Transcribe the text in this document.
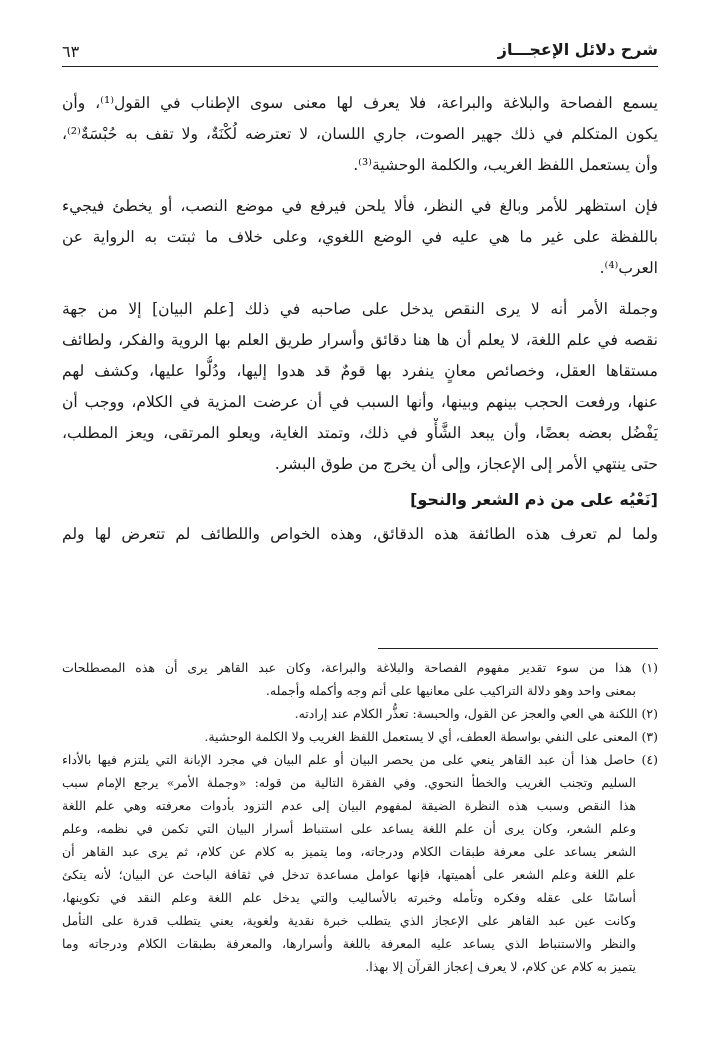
شرح دلائل الإعجـــاز
٦٣

يسمع الفصاحة والبلاغة والبراعة، فلا يعرف لها معنى سوى الإطناب في القول⁽¹⁾، وأن
يكون المتكلم في ذلك جهير الصوت، جاري اللسان، لا تعترضه لُكْنَةٌ، ولا تقف به حُبْسَةٌ⁽²⁾،
وأن يستعمل اللفظ الغريب، والكلمة الوحشية⁽³⁾.

فإن استظهر للأمر وبالغ في النظر، فألا يلحن فيرفع في موضع النصب، أو يخطئ فيجيء
باللفظة على غير ما هي عليه في الوضع اللغوي، وعلى خلاف ما ثبتت به الرواية عن
العرب⁽⁴⁾.

وجملة الأمر أنه لا يرى النقص يدخل على صاحبه في ذلك [علم البيان] إلا من جهة
نقصه في علم اللغة، لا يعلم أن ها هنا دقائق وأسرار طريق العلم بها الروية والفكر، ولطائف
مستقاها العقل، وخصائص معانٍ ينفرد بها قومٌ قد هدوا إليها، ودُلُّوا عليها، وكشف لهم
عنها، ورفعت الحجب بينهم وبينها، وأنها السبب في أن عرضت المزية في الكلام، ووجب أن
يَفْضُل بعضه بعضًا، وأن يبعد الشَّأْو في ذلك، وتمتد الغاية، ويعلو المرتقى، ويعز المطلب،
حتى ينتهي الأمر إلى الإعجاز، وإلى أن يخرج من طوق البشر.

[نَعْيُه على من ذم الشعر والنحو]

ولما لم تعرف هذه الطائفة هذه الدقائق، وهذه الخواص واللطائف لم تتعرض لها ولم

(١) هذا من سوء تقدير مفهوم الفصاحة والبلاغة والبراعة، وكان عبد القاهر يرى أن هذه المصطلحات
بمعنى واحد وهو دلالة التراكيب على معانيها على أتم وجه وأكمله وأجمله.
(٢) اللكنة هي العي والعجز عن القول، والحبسة: تعذُّر الكلام عند إرادته.
(٣) المعنى على النفي بواسطة العطف، أي لا يستعمل اللفظ الغريب ولا الكلمة الوحشية.
(٤) حاصل هذا أن عبد القاهر ينعي على من يحصر البيان أو علم البيان في مجرد الإبانة التي يلتزم فيها بالأداء
السليم وتجنب الغريب والخطأ النحوي. وفي الفقرة التالية من قوله: «وجملة الأمر» يرجع الإمام سبب
هذا النقص وسبب هذه النظرة الضيقة لمفهوم البيان إلى عدم التزود بأدوات معرفته وهي علم اللغة
وعلم الشعر، وكان يرى أن علم اللغة يساعد على استنباط أسرار البيان التي تكمن في نظمه، وعلم
الشعر يساعد على معرفة طبقات الكلام ودرجاته، وما يتميز به كلام عن كلام، ثم يرى عبد القاهر أن
علم اللغة وعلم الشعر على أهميتها، فإنها عوامل مساعدة تدخل في ثقافة الباحث عن البيان؛ لأنه يتكئ
أساسًا على عقله وفكره وتأمله وخبرته بالأساليب والتي يدخل علم اللغة وعلم النقد في تكوينها،
وكانت عين عبد القاهر على الإعجاز الذي يتطلب خبرة نقدية ولغوية، يعني يتطلب قدرة على التأمل
والنظر والاستنباط الذي يساعد عليه المعرفة باللغة وأسرارها، والمعرفة بطبقات الكلام ودرجاته وما
يتميز به كلام عن كلام، لا يعرف إعجاز القرآن إلا بهذا.
